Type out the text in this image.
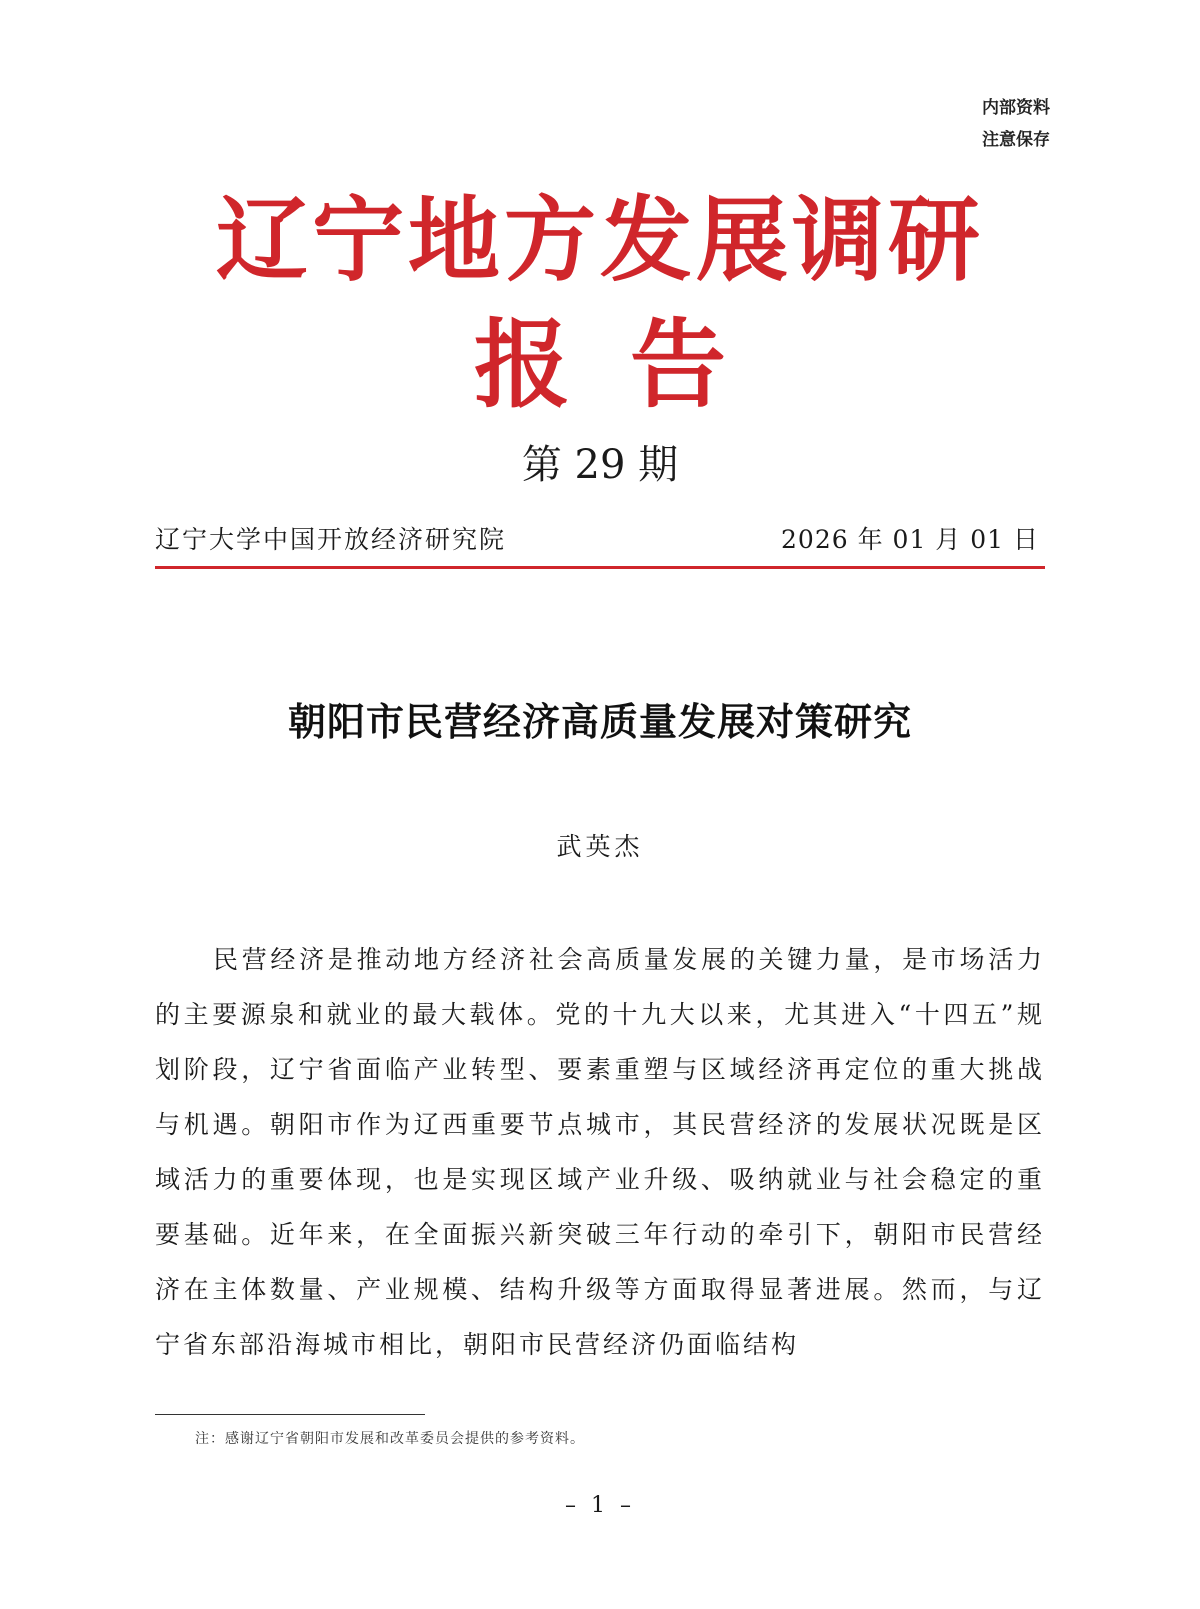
内部资料
注意保存
辽宁地方发展调研
报告
第 29 期
辽宁大学中国开放经济研究院	2026 年 01 月 01 日
朝阳市民营经济高质量发展对策研究
武英杰

民营经济是推动地方经济社会高质量发展的关键力量，是市场活力的主要源泉和就业的最大载体。党的十九大以来，尤其进入“十四五”规划阶段，辽宁省面临产业转型、要素重塑与区域经济再定位的重大挑战与机遇。朝阳市作为辽西重要节点城市，其民营经济的发展状况既是区域活力的重要体现，也是实现区域产业升级、吸纳就业与社会稳定的重要基础。近年来，在全面振兴新突破三年行动的牵引下，朝阳市民营经济在主体数量、产业规模、结构升级等方面取得显著进展。然而，与辽宁省东部沿海城市相比，朝阳市民营经济仍面临结构

注：感谢辽宁省朝阳市发展和改革委员会提供的参考资料。
– 1 –
